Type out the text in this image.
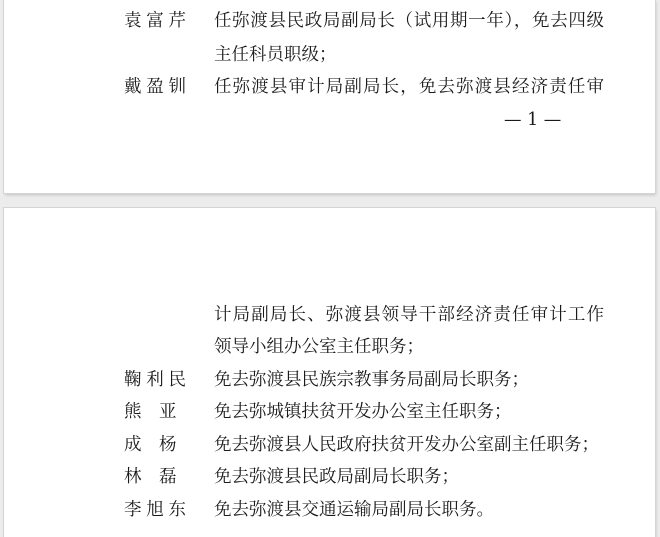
袁富芹 任弥渡县民政局副局长（试用期一年），免去四级
主任科员职级；
戴盈钏 任弥渡县审计局副局长，免去弥渡县经济责任审
— 1 —
计局副局长、弥渡县领导干部经济责任审计工作
领导小组办公室主任职务；
鞠利民 免去弥渡县民族宗教事务局副局长职务；
熊　亚	免去弥城镇扶贫开发办公室主任职务；
成　杨	免去弥渡县人民政府扶贫开发办公室副主任职务；
林　磊	免去弥渡县民政局副局长职务；
李旭东 免去弥渡县交通运输局副局长职务。
